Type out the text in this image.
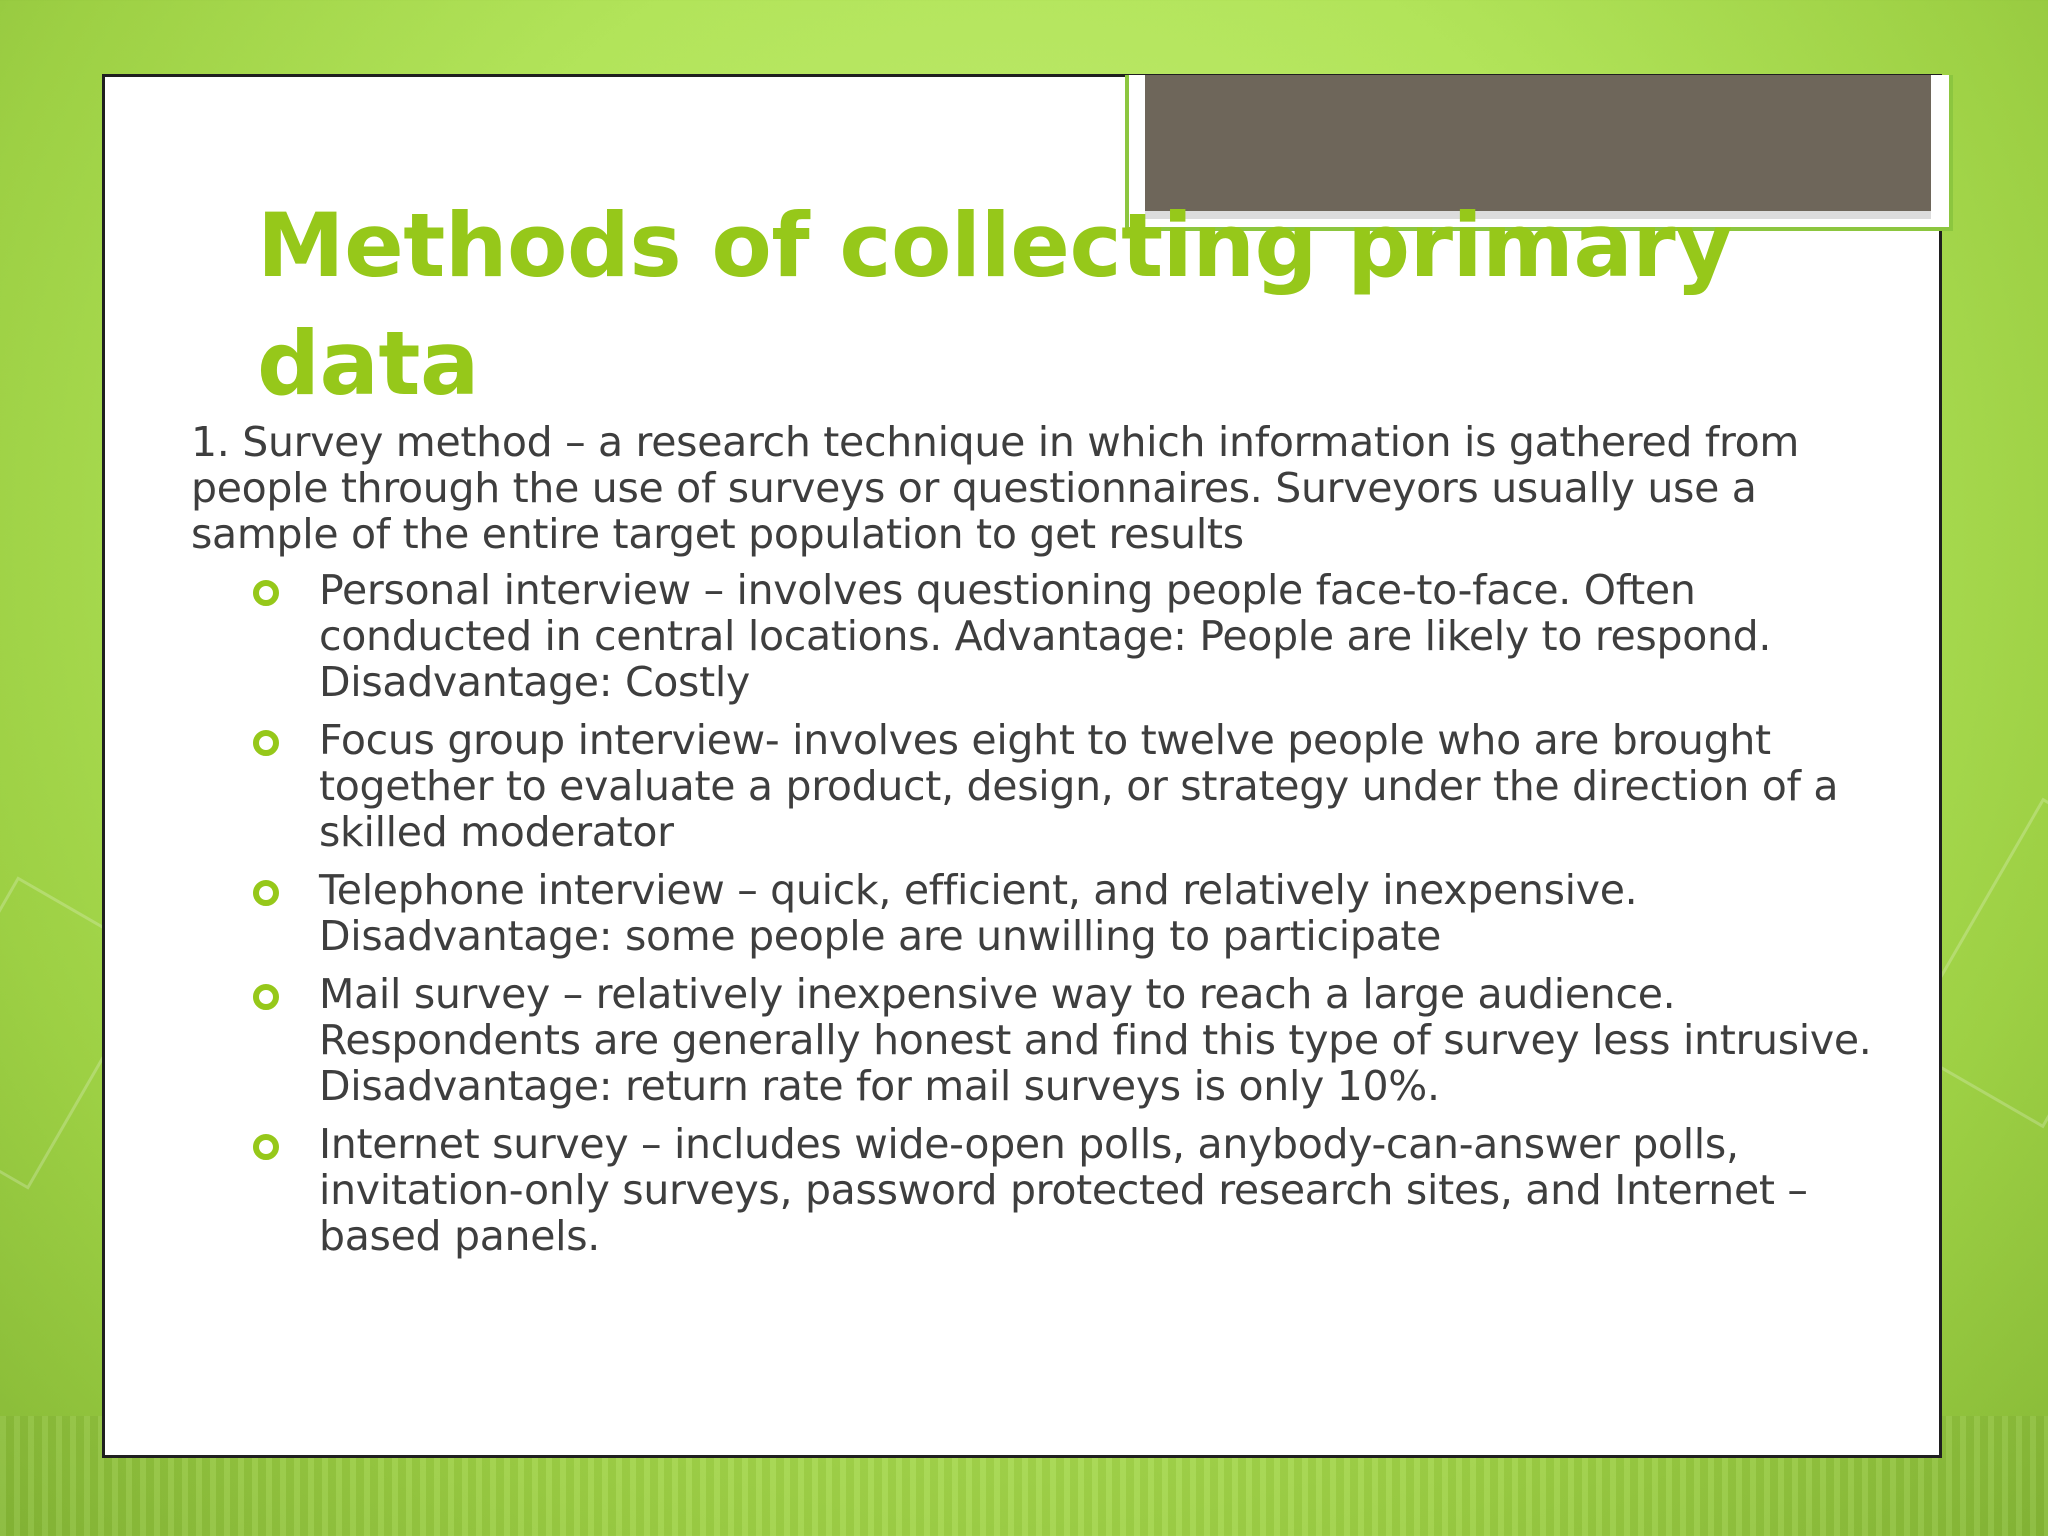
Methods of collecting primary data

1. Survey method – a research technique in which information is gathered from people through the use of surveys or questionnaires. Surveyors usually use a sample of the entire target population to get results

Personal interview – involves questioning people face-to-face. Often conducted in central locations. Advantage: People are likely to respond. Disadvantage: Costly
Focus group interview- involves eight to twelve people who are brought together to evaluate a product, design, or strategy under the direction of a skilled moderator
Telephone interview – quick, efficient, and relatively inexpensive. Disadvantage: some people are unwilling to participate
Mail survey – relatively inexpensive way to reach a large audience. Respondents are generally honest and find this type of survey less intrusive. Disadvantage: return rate for mail surveys is only 10%.
Internet survey – includes wide-open polls, anybody-can-answer polls, invitation-only surveys, password protected research sites, and Internet – based panels.
